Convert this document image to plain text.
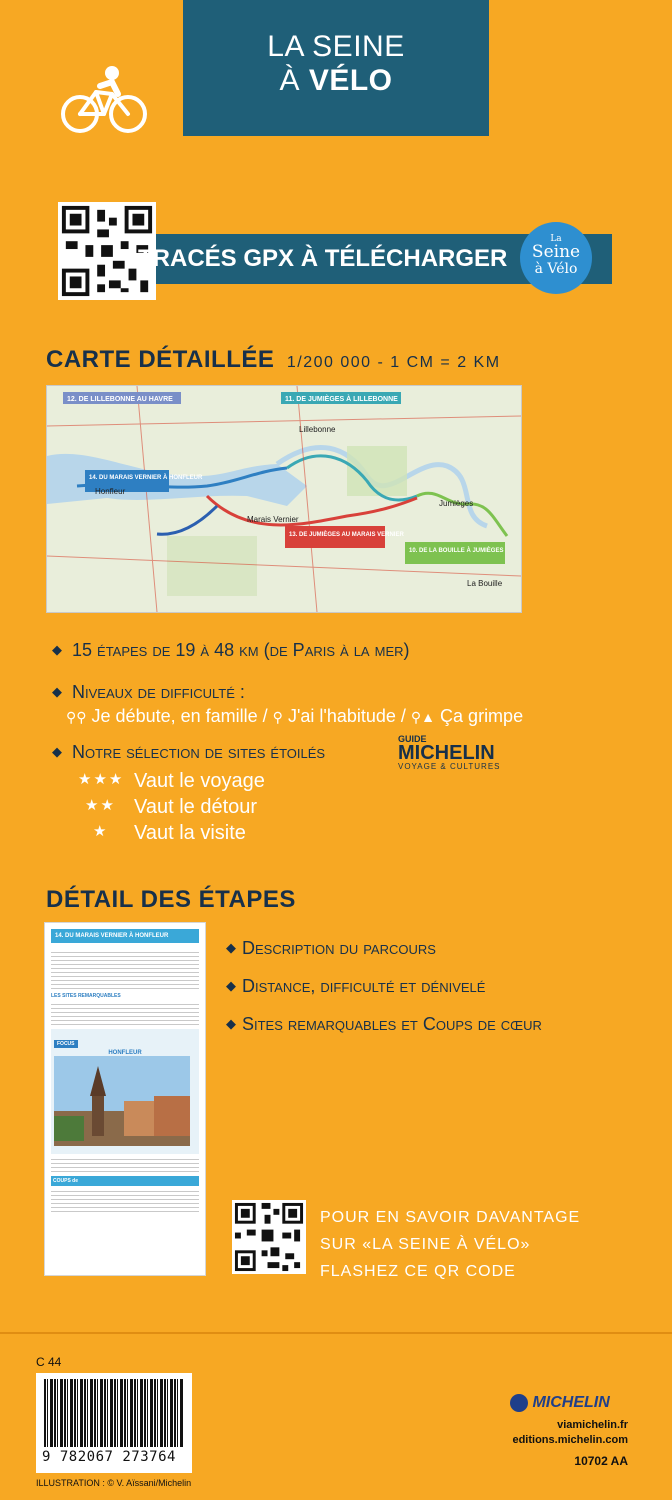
LA SEINE
À VÉLO
TRACÉS GPX À TÉLÉCHARGER
La
Seine
à Vélo
CARTE DÉTAILLÉE 1/200 000 - 1 CM = 2 KM
12. DE LILLEBONNE AU HAVRE	11. DE JUMIÈGES À LILLEBONNE
14. DU MARAIS VERNIER À HONFLEUR
13. DE JUMIÈGES AU MARAIS VERNIER
10. DE LA BOUILLE À JUMIÈGES
Lillebonne
Honfleur
Marais Vernier
Jumièges
La Bouille
◆ 15 étapes de 19 à 48 km (de Paris à la mer)
◆ Niveaux de difficulté :
⚲⚲ Je débute, en famille / ⚲ J'ai l'habitude / ⚲▲ Ça grimpe
◆ Notre sélection de sites étoilés
GUIDE
MICHELIN
VOYAGE & CULTURES
★★★ Vaut le voyage
★★ Vaut le détour
★ Vaut la visite
DÉTAIL DES ÉTAPES
14. DU MARAIS VERNIER À HONFLEUR
LES SITES REMARQUABLES
FOCUS
HONFLEUR
COUPS de
◆ Description du parcours
◆ Distance, difficulté et dénivelé
◆ Sites remarquables et Coups de cœur
POUR EN SAVOIR DAVANTAGE
SUR «LA SEINE À VÉLO»
FLASHEZ CE QR CODE
C 44
9 782067 273764
ILLUSTRATION : © V. Aïssani/Michelin
MICHELIN
viamichelin.fr
editions.michelin.com
10702 AA
